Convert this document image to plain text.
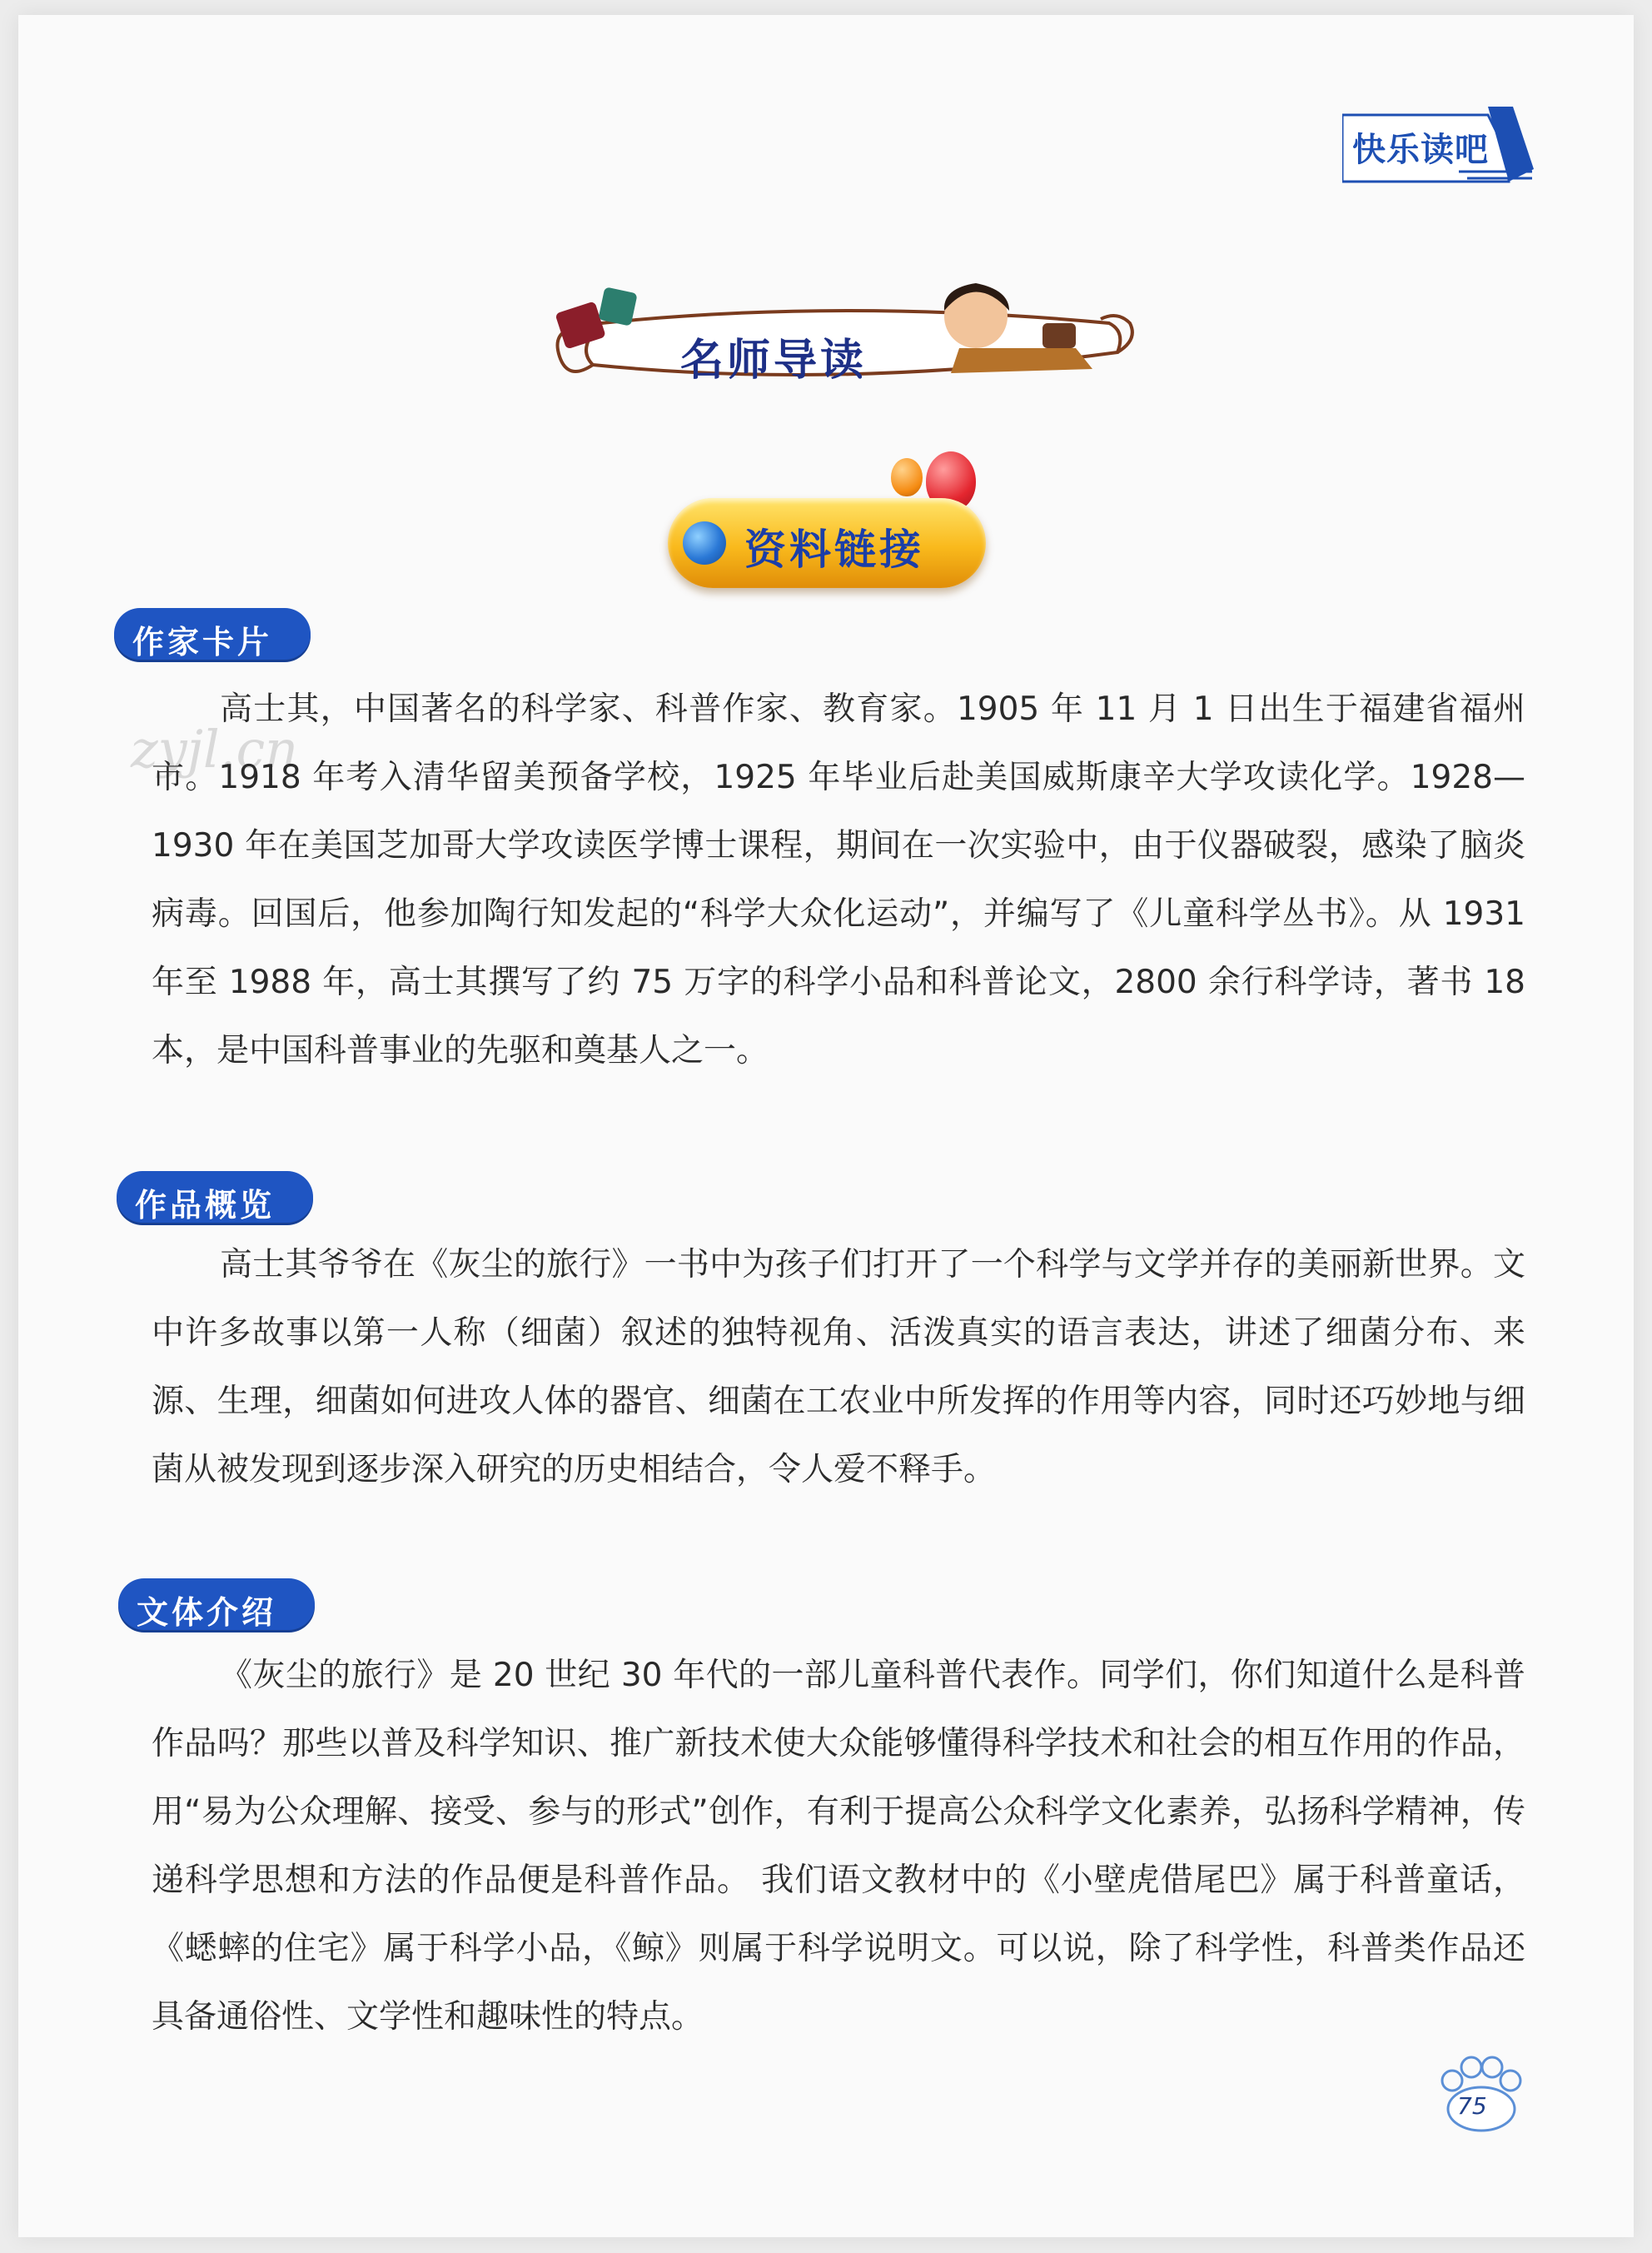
快乐读吧
名师导读
资料链接
zyjl.cn
作家卡片

高士其，中国著名的科学家、科普作家、教育家。1905 年 11 月 1 日出生于福建省福州市。1918 年考入清华留美预备学校，1925 年毕业后赴美国威斯康辛大学攻读化学。1928—1930 年在美国芝加哥大学攻读医学博士课程，期间在一次实验中，由于仪器破裂，感染了脑炎病毒。回国后，他参加陶行知发起的“科学大众化运动”，并编写了《儿童科学丛书》。从 1931 年至 1988 年，高士其撰写了约 75 万字的科学小品和科普论文，2800 余行科学诗，著书 18 本，是中国科普事业的先驱和奠基人之一。

作品概览

高士其爷爷在《灰尘的旅行》一书中为孩子们打开了一个科学与文学并存的美丽新世界。文中许多故事以第一人称（细菌）叙述的独特视角、活泼真实的语言表达，讲述了细菌分布、来源、生理，细菌如何进攻人体的器官、细菌在工农业中所发挥的作用等内容，同时还巧妙地与细菌从被发现到逐步深入研究的历史相结合，令人爱不释手。

文体介绍

《灰尘的旅行》是 20 世纪 30 年代的一部儿童科普代表作。同学们，你们知道什么是科普作品吗？那些以普及科学知识、推广新技术使大众能够懂得科学技术和社会的相互作用的作品，用“易为公众理解、接受、参与的形式”创作，有利于提高公众科学文化素养，弘扬科学精神，传递科学思想和方法的作品便是科普作品。 我们语文教材中的《小壁虎借尾巴》属于科普童话，《蟋蟀的住宅》属于科学小品，《鲸》则属于科学说明文。可以说，除了科学性，科普类作品还具备通俗性、文学性和趣味性的特点。

75
